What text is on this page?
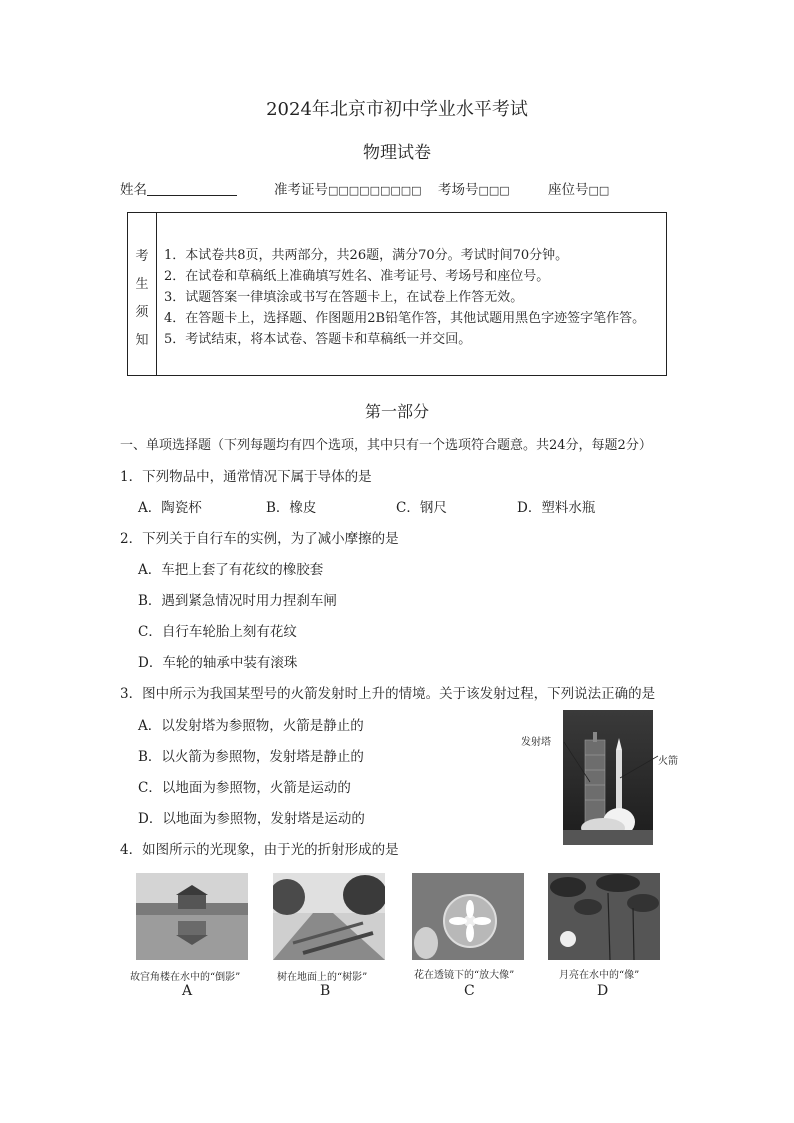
2024年北京市初中学业水平考试
物理试卷
姓名	准考证号□□□□□□□□□ 考场号□□□	座位号□□
考
生
须
知
1．本试卷共8页，共两部分，共26题，满分70分。考试时间70分钟。
2．在试卷和草稿纸上准确填写姓名、准考证号、考场号和座位号。
3．试题答案一律填涂或书写在答题卡上，在试卷上作答无效。
4．在答题卡上，选择题、作图题用2B铅笔作答，其他试题用黑色字迹签字笔作答。
5．考试结束，将本试卷、答题卡和草稿纸一并交回。
第一部分
一、单项选择题（下列每题均有四个选项，其中只有一个选项符合题意。共24分，每题2分）
1．下列物品中，通常情况下属于导体的是
A．陶瓷杯	B．橡皮	C．钢尺	D．塑料水瓶
2．下列关于自行车的实例，为了减小摩擦的是
A．车把上套了有花纹的橡胶套
B．遇到紧急情况时用力捏刹车闸
C．自行车轮胎上刻有花纹
D．车轮的轴承中装有滚珠
3．图中所示为我国某型号的火箭发射时上升的情境。关于该发射过程，下列说法正确的是
A．以发射塔为参照物，火箭是静止的
B．以火箭为参照物，发射塔是静止的
C．以地面为参照物，火箭是运动的
D．以地面为参照物，发射塔是运动的
发射塔
火箭
4．如图所示的光现象，由于光的折射形成的是
故宫角楼在水中的“倒影”	树在地面上的“树影”	花在透镜下的“放大像”	月亮在水中的“像”
A	B	C	D
